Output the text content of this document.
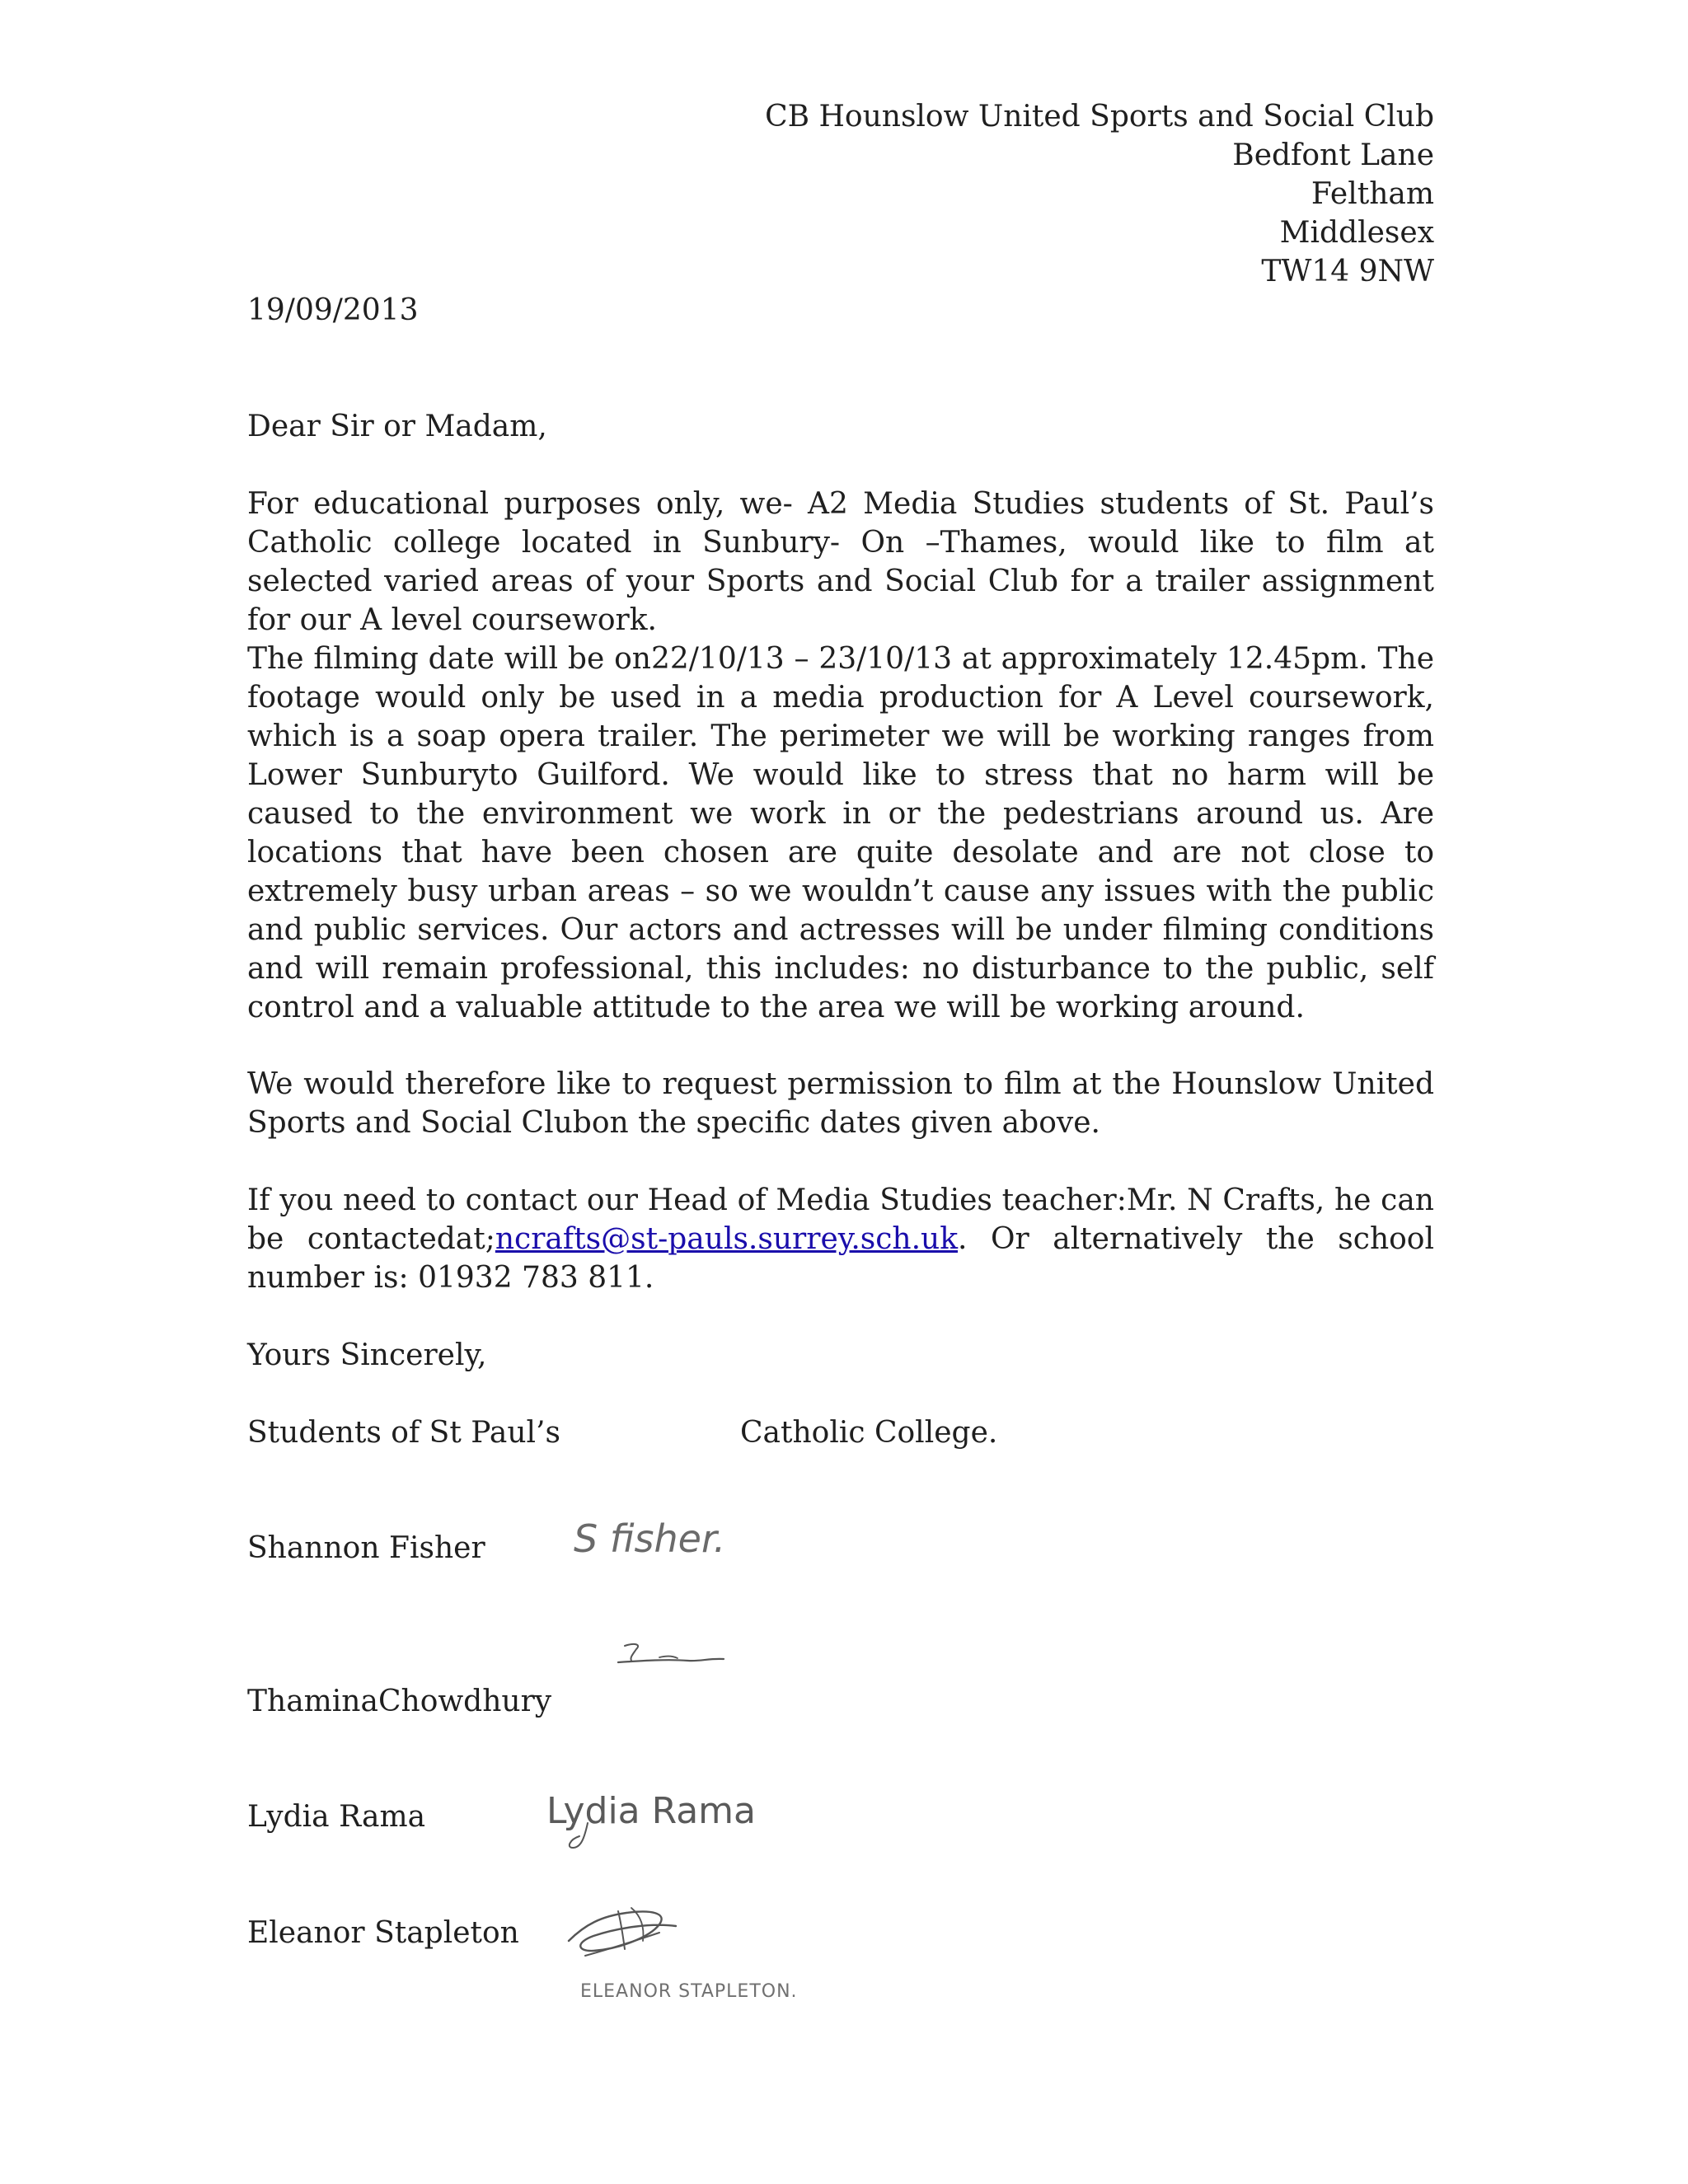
CB Hounslow United Sports and Social Club
Bedfont Lane
Feltham
Middlesex
TW14 9NW
19/09/2013
Dear Sir or Madam,
For educational purposes only, we- A2 Media Studies students of St. Paul’s Catholic college located in Sunbury- On –Thames, would like to film at selected varied areas of your Sports and Social Club for a trailer assignment for our A level coursework.
The filming date will be on22/10/13 – 23/10/13 at approximately 12.45pm. The footage would only be used in a media production for A Level coursework, which is a soap opera trailer. The perimeter we will be working ranges from Lower Sunburyto Guilford. We would like to stress that no harm will be caused to the environment we work in or the pedestrians around us. Are locations that have been chosen are quite desolate and are not close to extremely busy urban areas – so we wouldn’t cause any issues with the public and public services. Our actors and actresses will be under filming conditions and will remain professional, this includes: no disturbance to the public, self control and a valuable attitude to the area we will be working around.
We would therefore like to request permission to film at the Hounslow United Sports and Social Clubon the specific dates given above.
If you need to contact our Head of Media Studies teacher:Mr. N Crafts, he can be contactedat;ncrafts@st-pauls.surrey.sch.uk. Or alternatively the school number is: 01932 783 811.
Yours Sincerely,
Students of St Paul’s	Catholic College.
Shannon Fisher S fisher.
ThaminaChowdhury
Lydia Rama	Lydia Rama
Eleanor Stapleton
ELEANOR STAPLETON.
